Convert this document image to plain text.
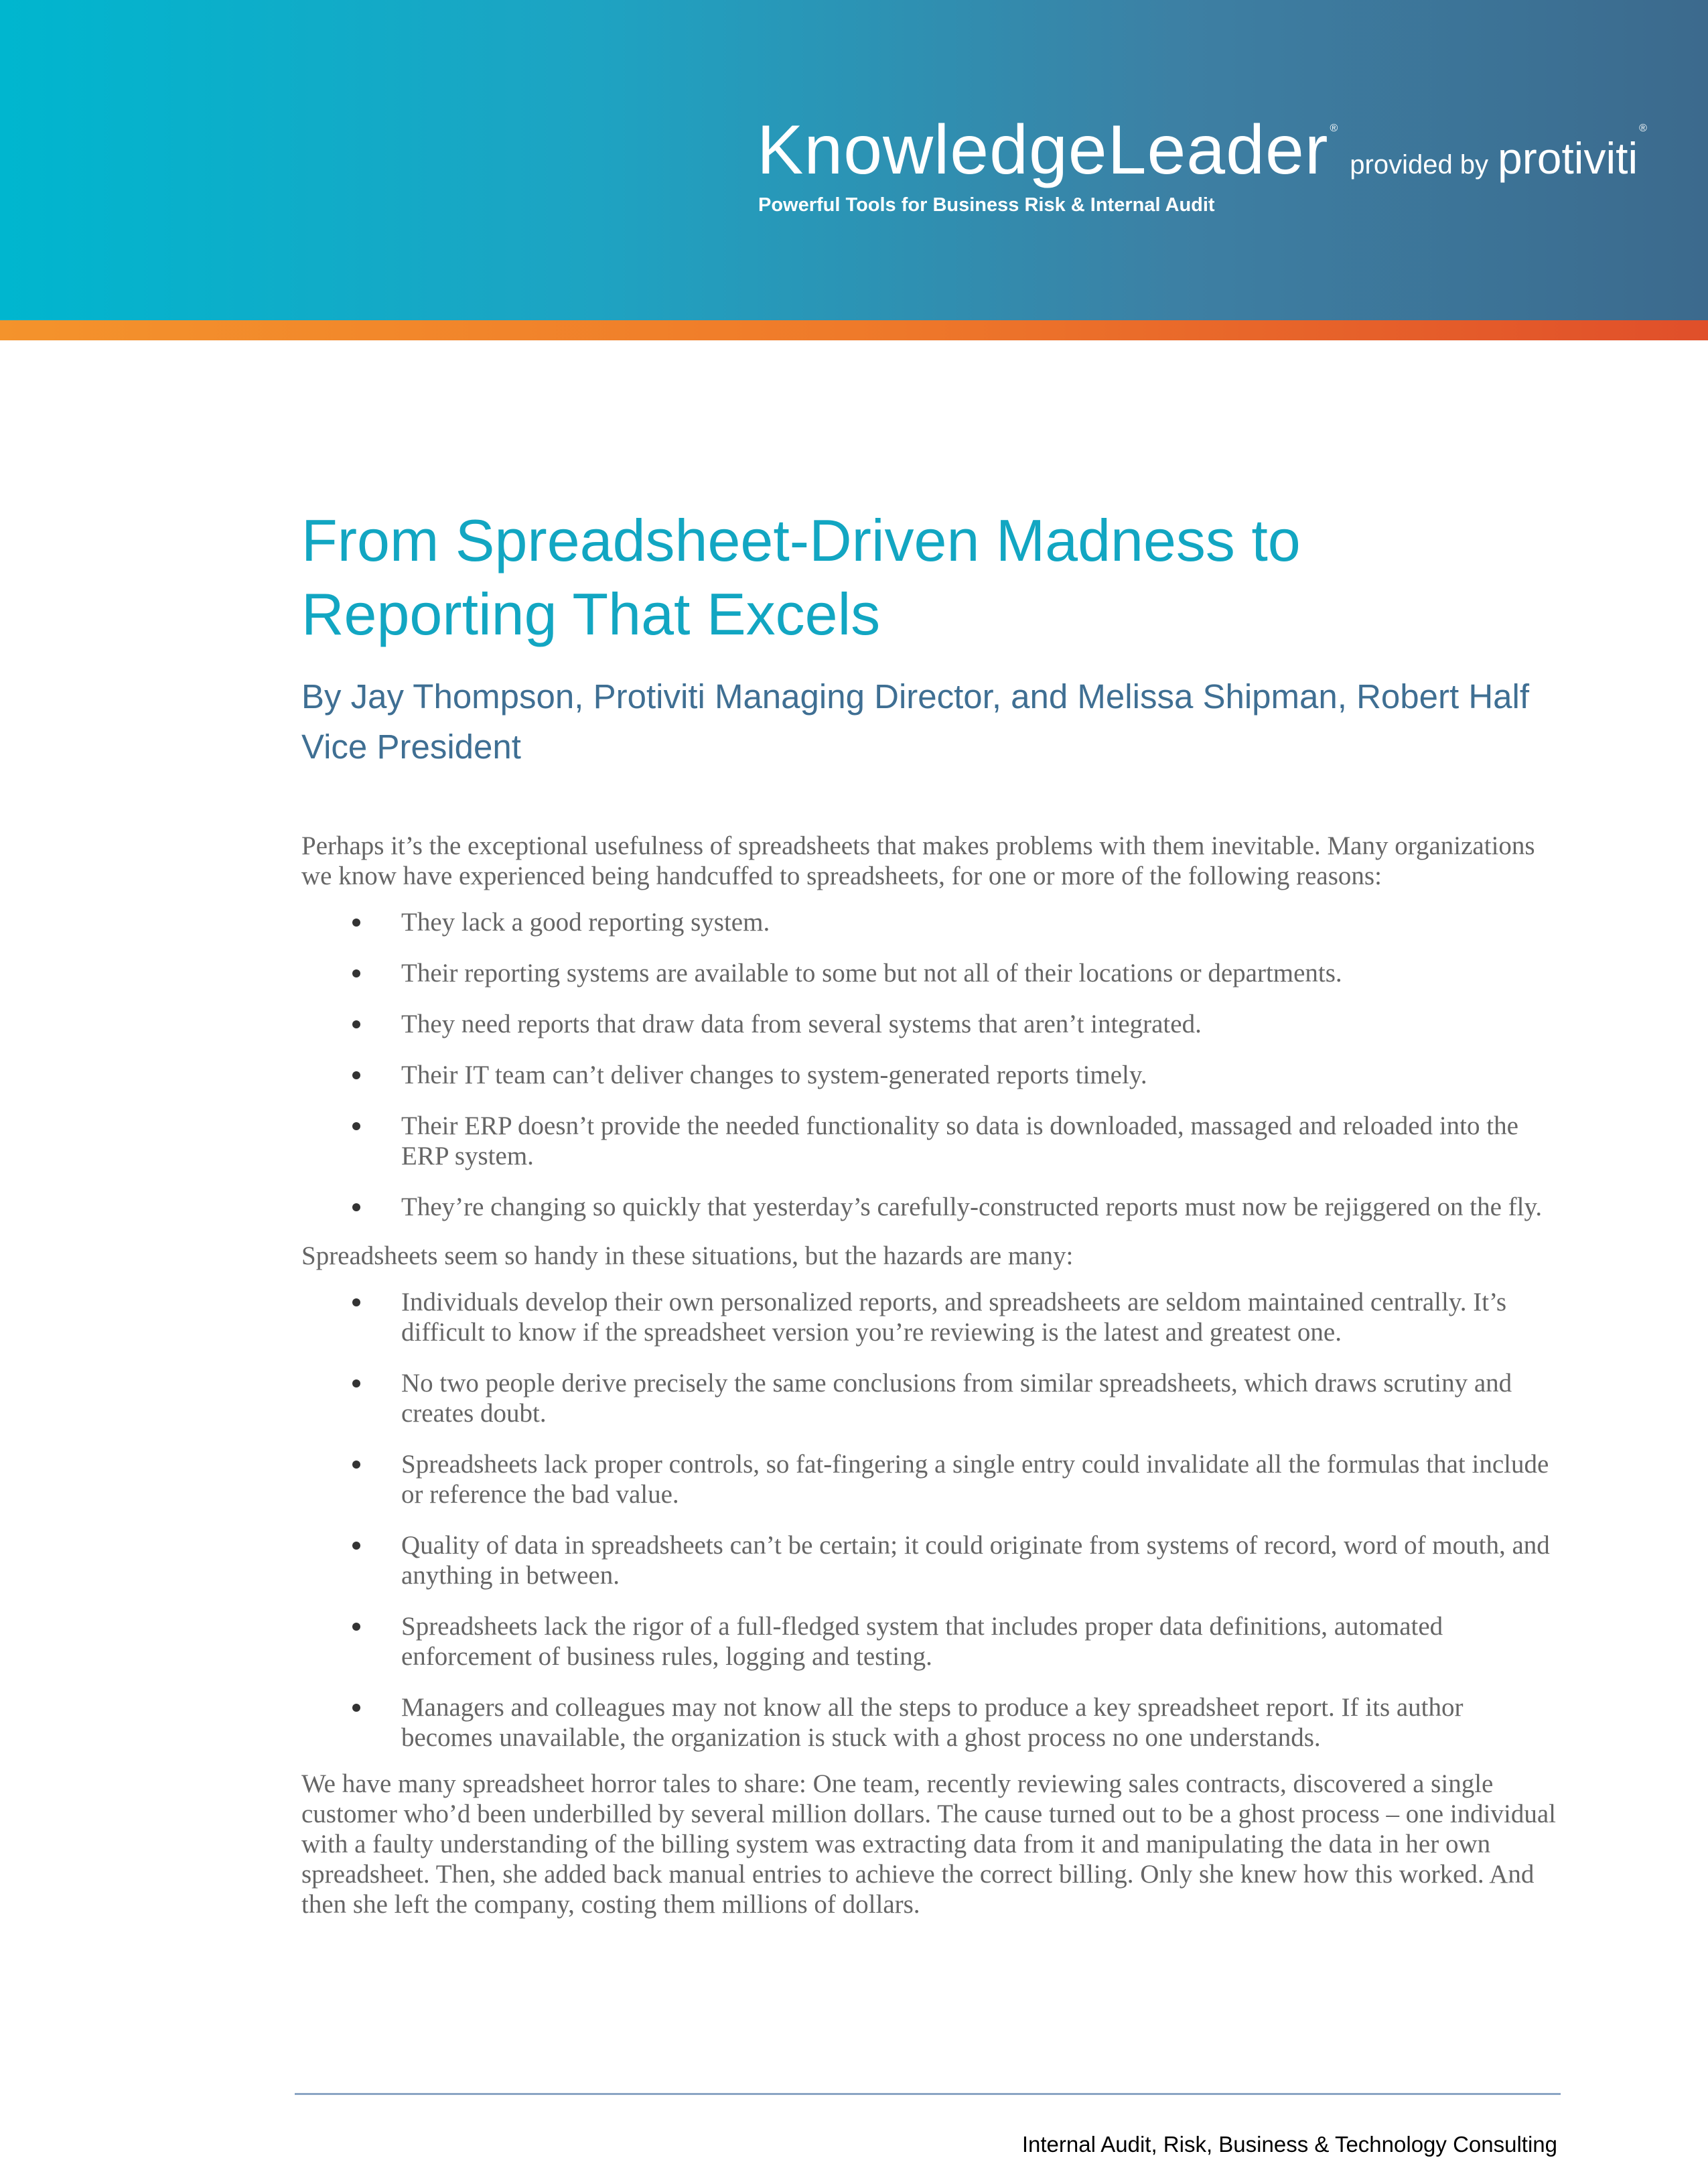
KnowledgeLeader ®provided by protiviti®
Powerful Tools for Business Risk & Internal Audit
From Spreadsheet-Driven Madness to Reporting That Excels
By Jay Thompson, Protiviti Managing Director, and Melissa Shipman, Robert Half Vice President

Perhaps it’s the exceptional usefulness of spreadsheets that makes problems with them inevitable. Many organizations we know have experienced being handcuffed to spreadsheets, for one or more of the following reasons:

They lack a good reporting system.
Their reporting systems are available to some but not all of their locations or departments.
They need reports that draw data from several systems that aren’t integrated.
Their IT team can’t deliver changes to system-generated reports timely.
Their ERP doesn’t provide the needed functionality so data is downloaded, massaged and reloaded into the ERP system.
They’re changing so quickly that yesterday’s carefully-constructed reports must now be rejiggered on the fly.

Spreadsheets seem so handy in these situations, but the hazards are many:

Individuals develop their own personalized reports, and spreadsheets are seldom maintained centrally. It’s difficult to know if the spreadsheet version you’re reviewing is the latest and greatest one.
No two people derive precisely the same conclusions from similar spreadsheets, which draws scrutiny and creates doubt.
Spreadsheets lack proper controls, so fat-fingering a single entry could invalidate all the formulas that include or reference the bad value.
Quality of data in spreadsheets can’t be certain; it could originate from systems of record, word of mouth, and anything in between.
Spreadsheets lack the rigor of a full-fledged system that includes proper data definitions, automated enforcement of business rules, logging and testing.
Managers and colleagues may not know all the steps to produce a key spreadsheet report. If its author becomes unavailable, the organization is stuck with a ghost process no one understands.

We have many spreadsheet horror tales to share: One team, recently reviewing sales contracts, discovered a single customer who’d been underbilled by several million dollars. The cause turned out to be a ghost process – one individual with a faulty understanding of the billing system was extracting data from it and manipulating the data in her own spreadsheet. Then, she added back manual entries to achieve the correct billing. Only she knew how this worked. And then she left the company, costing them millions of dollars.

Internal Audit, Risk, Business & Technology Consulting
